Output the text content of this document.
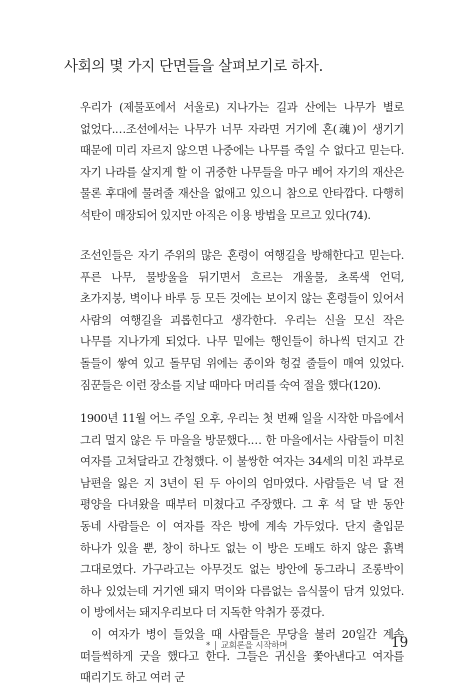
사회의 몇 가지 단면들을 살펴보기로 하자.
우리가 (제물포에서 서울로) 지나가는 길과 산에는 나무가 별로 없었다.…조선에서는 나무가 너무 자라면 거기에 혼(魂)이 생기기 때문에 미리 자르지 않으면 나중에는 나무를 죽일 수 없다고 믿는다. 자기 나라를 살지게 할 이 귀중한 나무들을 마구 베어 자기의 재산은 물론 후대에 물려줄 재산을 없애고 있으니 참으로 안타깝다. 다행히 석탄이 매장되어 있지만 아직은 이용 방법을 모르고 있다(74).
조선인들은 자기 주위의 많은 혼령이 여행길을 방해한다고 믿는다. 푸른 나무, 물방울을 뒤기면서 흐르는 개울물, 초록색 언덕, 초가지붕, 벽이나 바루 등 모든 것에는 보이지 않는 혼령들이 있어서 사람의 여행길을 괴롭힌다고 생각한다. 우리는 신을 모신 작은 나무를 지나가게 되었다. 나무 밑에는 행인들이 하나씩 던지고 간 돌들이 쌓여 있고 돌무덤 위에는 종이와 헝겊 줄들이 매여 있었다. 짐꾼들은 이런 장소를 지날 때마다 머리를 숙여 절을 했다(120).

1900년 11월 어느 주일 오후, 우리는 첫 번째 일을 시작한 마음에서 그리 멀지 않은 두 마을을 방문했다.… 한 마을에서는 사람들이 미친 여자를 고쳐달라고 간청했다. 이 불쌍한 여자는 34세의 미친 과부로 남편을 잃은 지 3년이 된 두 아이의 엄마였다. 사람들은 넉 달 전 평양을 다녀왔을 때부터 미쳤다고 주장했다. 그 후 석 달 반 동안 동네 사람들은 이 여자를 작은 방에 계속 가두었다. 단지 출입문 하나가 있을 뿐, 창이 하나도 없는 이 방은 도배도 하지 않은 흙벽 그대로였다. 가구라고는 아무것도 없는 방안에 동그라니 조롱박이 하나 있었는데 거기엔 돼지 먹이와 다름없는 음식물이 담겨 있었다. 이 방에서는 돼지우리보다 더 지독한 악취가 풍겼다.

이 여자가 병이 들었을 때 사람들은 무당을 불러 20일간 계속 떠들썩하게 굿을 했다고 한다. 그들은 귀신을 쫓아낸다고 여자를 때리기도 하고 여러 군

* | 교회론을 시작하며	19
